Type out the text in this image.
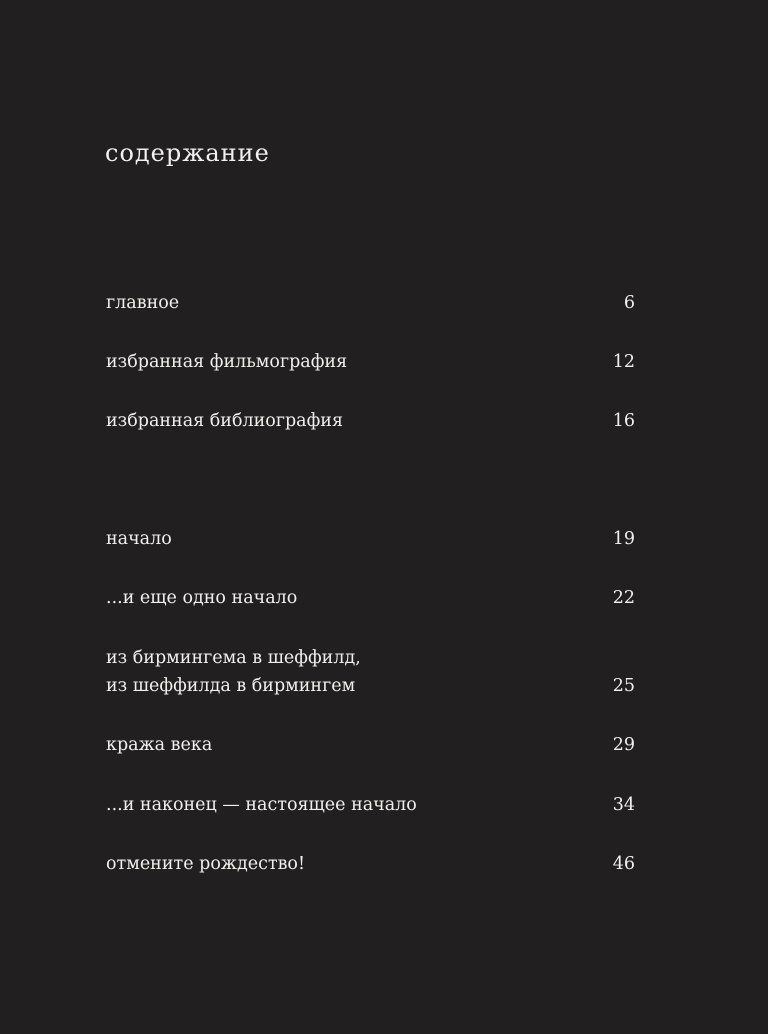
содержание
главное	6
избранная фильмография	12
избранная библиография	16
начало	19
...и еще одно начало	22
из бирмингема в шеффилд,
из шеффилда в бирмингем	25
кража века	29
...и наконец — настоящее начало	34
отмените рождество!	46
